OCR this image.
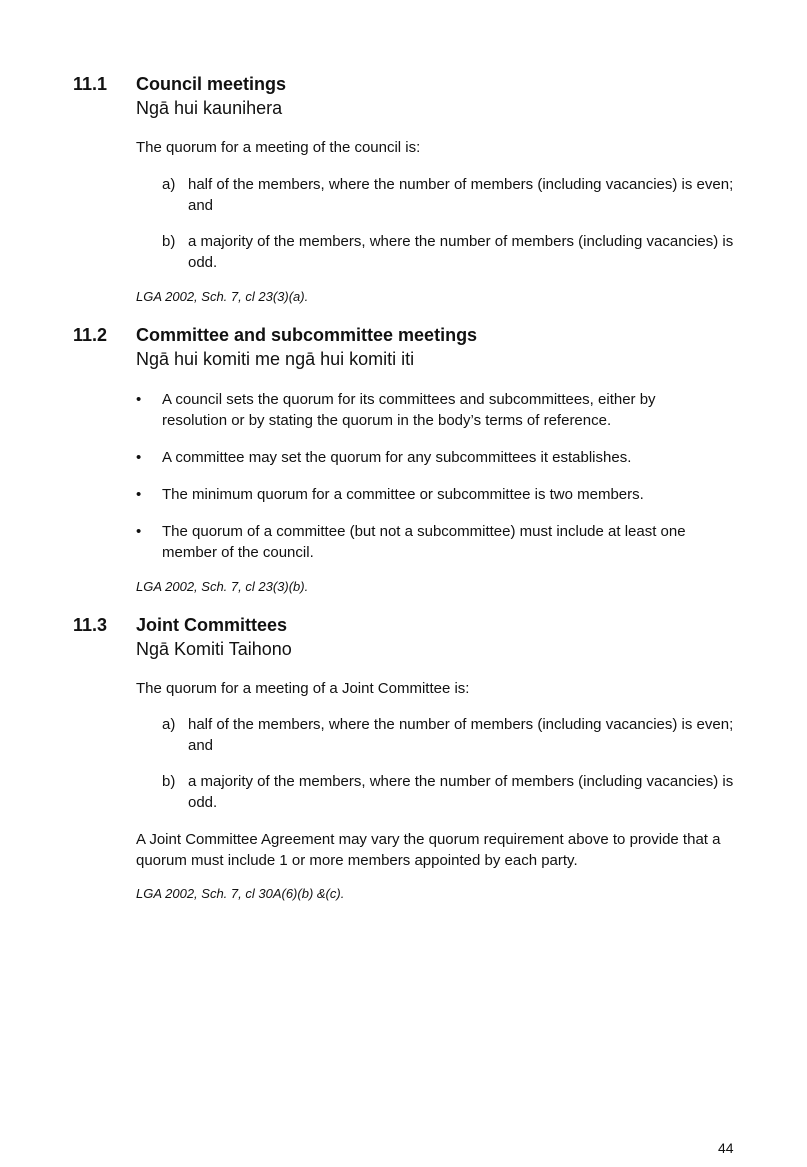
11.1 Council meetings
Ngā hui kaunihera
The quorum for a meeting of the council is:
a) half of the members, where the number of members (including vacancies) is even; and
b) a majority of the members, where the number of members (including vacancies) is odd.
LGA 2002, Sch. 7, cl 23(3)(a).
11.2 Committee and subcommittee meetings
Ngā hui komiti me ngā hui komiti iti
• A council sets the quorum for its committees and subcommittees, either by resolution or by stating the quorum in the body’s terms of reference.
• A committee may set the quorum for any subcommittees it establishes.
• The minimum quorum for a committee or subcommittee is two members.
• The quorum of a committee (but not a subcommittee) must include at least one member of the council.
LGA 2002, Sch. 7, cl 23(3)(b).
11.3 Joint Committees
Ngā Komiti Taihono
The quorum for a meeting of a Joint Committee is:
a) half of the members, where the number of members (including vacancies) is even; and
b) a majority of the members, where the number of members (including vacancies) is odd.
A Joint Committee Agreement may vary the quorum requirement above to provide that a quorum must include 1 or more members appointed by each party.
LGA 2002, Sch. 7, cl 30A(6)(b) &(c).
44
